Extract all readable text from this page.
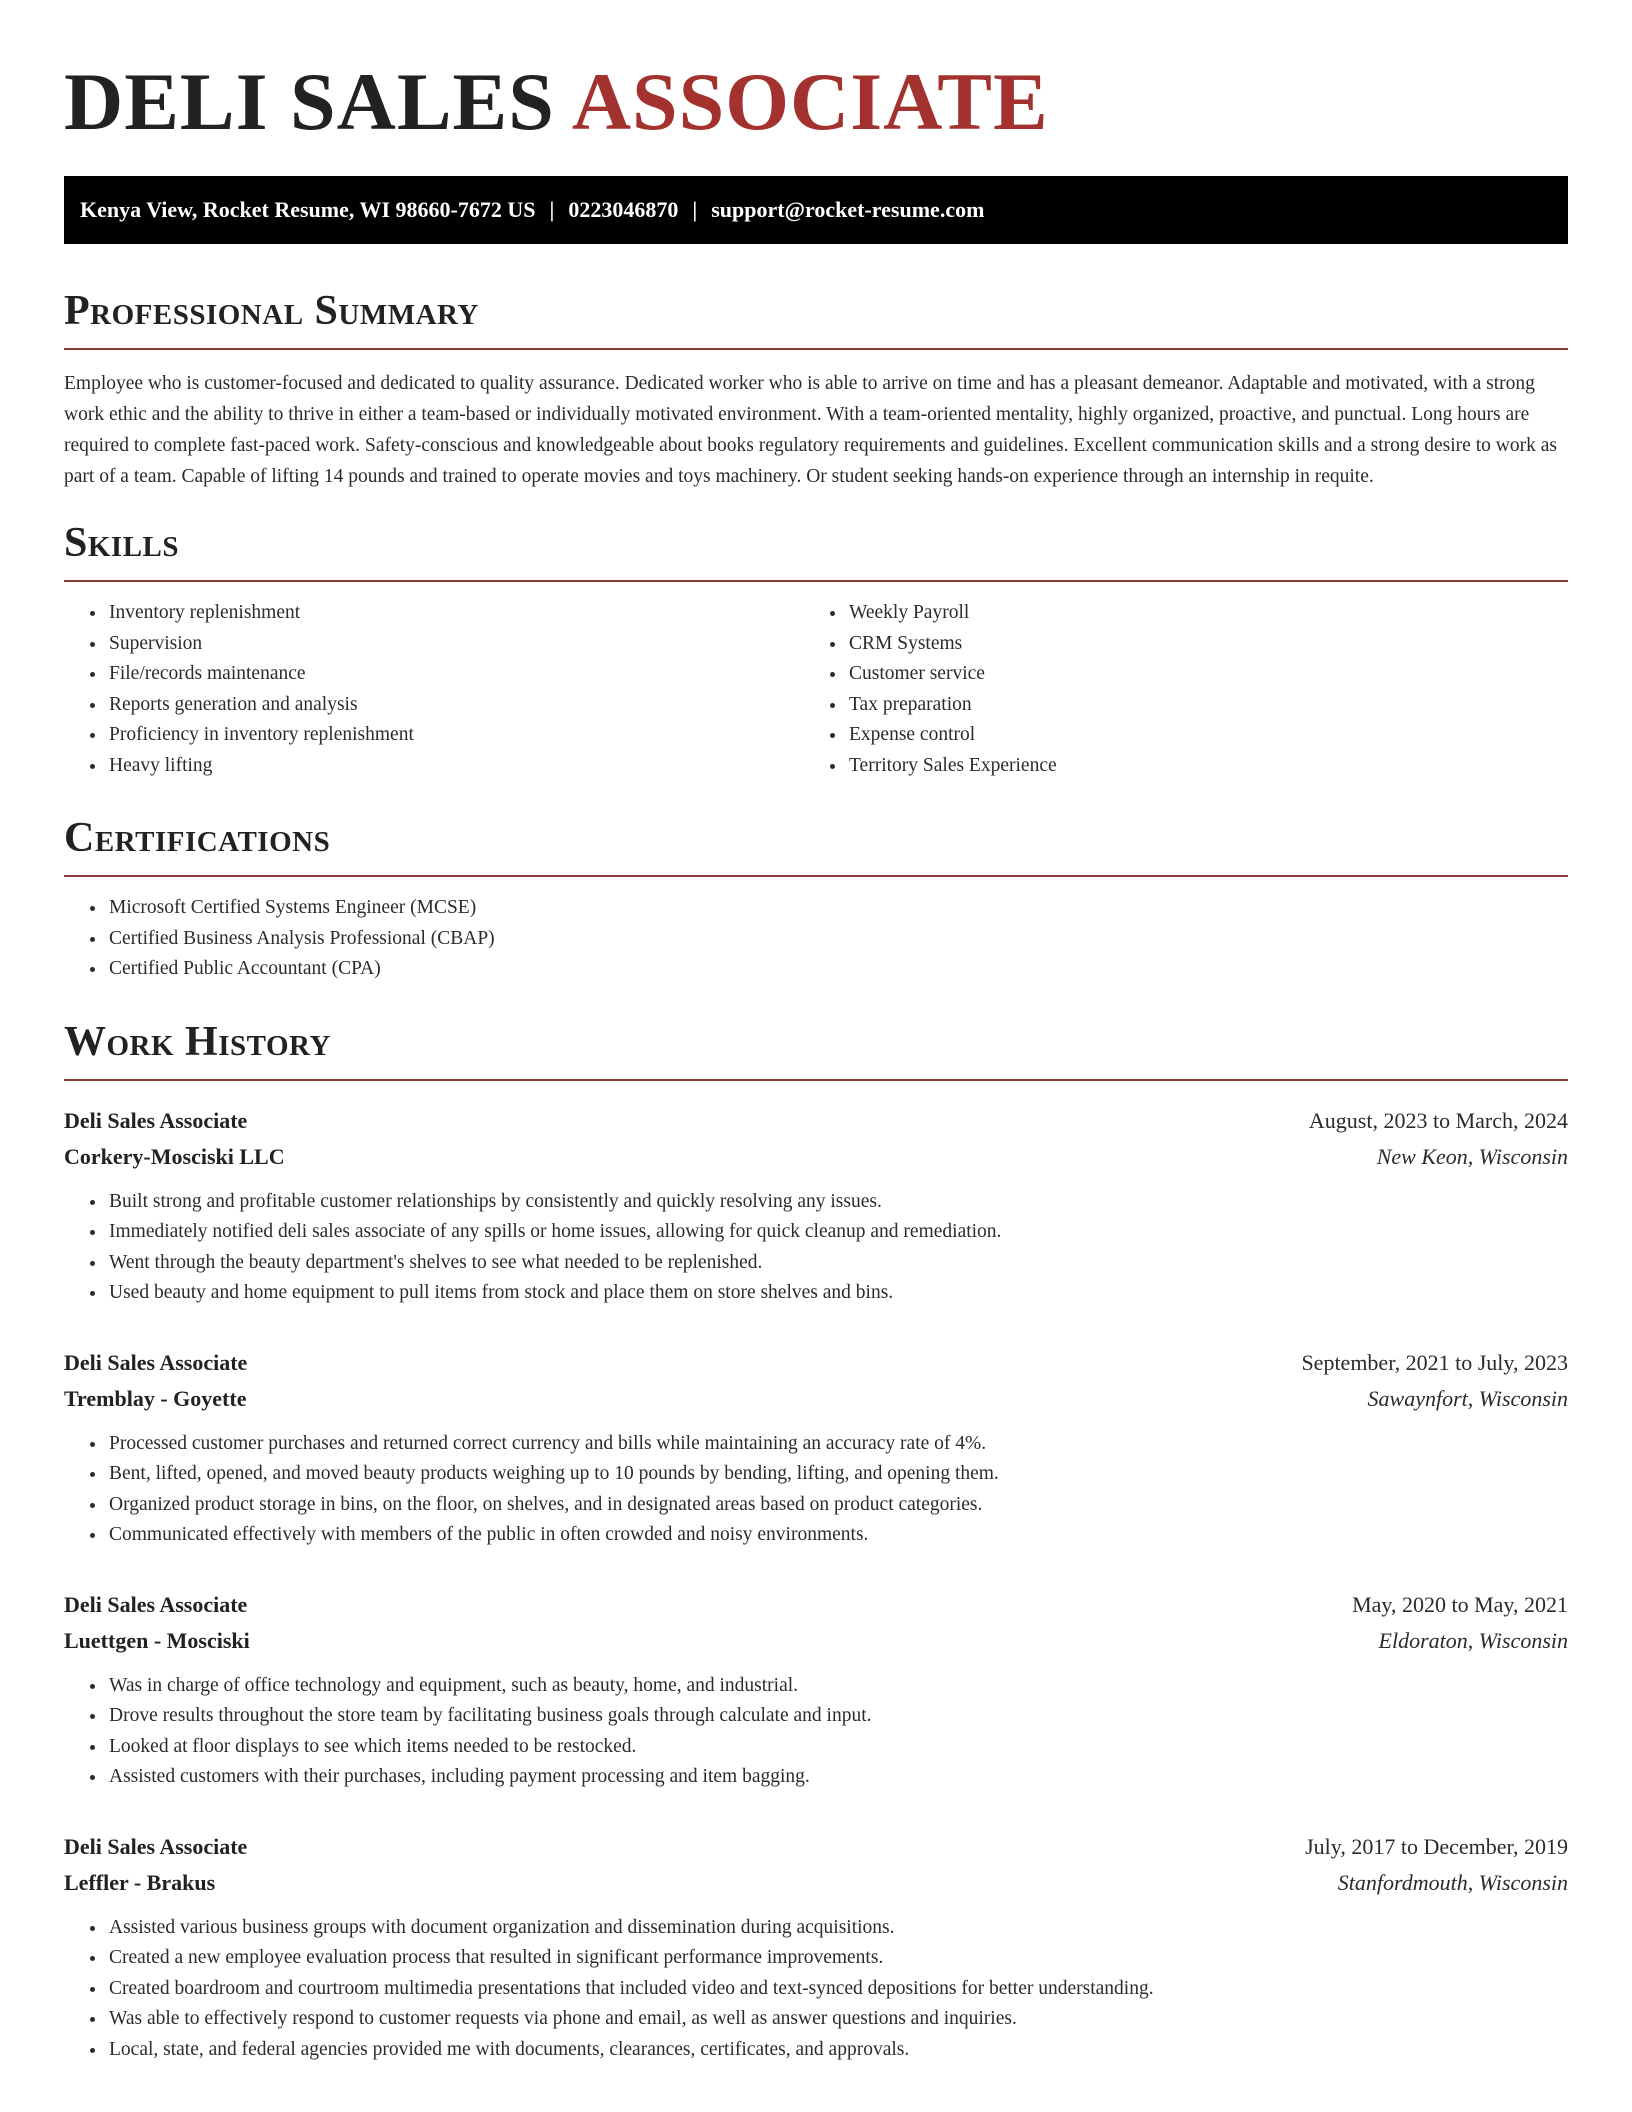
DELI SALES ASSOCIATE
Kenya View, Rocket Resume, WI 98660-7672 US | 0223046870 | support@rocket-resume.com
Professional Summary

Employee who is customer-focused and dedicated to quality assurance. Dedicated worker who is able to arrive on time and has a pleasant demeanor. Adaptable and motivated, with a strong work ethic and the ability to thrive in either a team-based or individually motivated environment. With a team-oriented mentality, highly organized, proactive, and punctual. Long hours are required to complete fast-paced work. Safety-conscious and knowledgeable about books regulatory requirements and guidelines. Excellent communication skills and a strong desire to work as part of a team. Capable of lifting 14 pounds and trained to operate movies and toys machinery. Or student seeking hands-on experience through an internship in requite.

Skills
• Inventory replenishment
• Supervision
• File/records maintenance
• Reports generation and analysis
• Proficiency in inventory replenishment
• Heavy lifting
• Weekly Payroll
• CRM Systems
• Customer service
• Tax preparation
• Expense control
• Territory Sales Experience
Certifications
• Microsoft Certified Systems Engineer (MCSE)
• Certified Business Analysis Professional (CBAP)
• Certified Public Accountant (CPA)
Work History
Deli Sales Associate	August, 2023 to March, 2024
Corkery-Mosciski LLC	New Keon, Wisconsin
• Built strong and profitable customer relationships by consistently and quickly resolving any issues.
• Immediately notified deli sales associate of any spills or home issues, allowing for quick cleanup and remediation.
• Went through the beauty department's shelves to see what needed to be replenished.
• Used beauty and home equipment to pull items from stock and place them on store shelves and bins.
Deli Sales Associate	September, 2021 to July, 2023
Tremblay - Goyette	Sawaynfort, Wisconsin
• Processed customer purchases and returned correct currency and bills while maintaining an accuracy rate of 4%.
• Bent, lifted, opened, and moved beauty products weighing up to 10 pounds by bending, lifting, and opening them.
• Organized product storage in bins, on the floor, on shelves, and in designated areas based on product categories.
• Communicated effectively with members of the public in often crowded and noisy environments.
Deli Sales Associate	May, 2020 to May, 2021
Luettgen - Mosciski	Eldoraton, Wisconsin
• Was in charge of office technology and equipment, such as beauty, home, and industrial.
• Drove results throughout the store team by facilitating business goals through calculate and input.
• Looked at floor displays to see which items needed to be restocked.
• Assisted customers with their purchases, including payment processing and item bagging.
Deli Sales Associate	July, 2017 to December, 2019
Leffler - Brakus	Stanfordmouth, Wisconsin
• Assisted various business groups with document organization and dissemination during acquisitions.
• Created a new employee evaluation process that resulted in significant performance improvements.
• Created boardroom and courtroom multimedia presentations that included video and text-synced depositions for better understanding.
• Was able to effectively respond to customer requests via phone and email, as well as answer questions and inquiries.
• Local, state, and federal agencies provided me with documents, clearances, certificates, and approvals.
